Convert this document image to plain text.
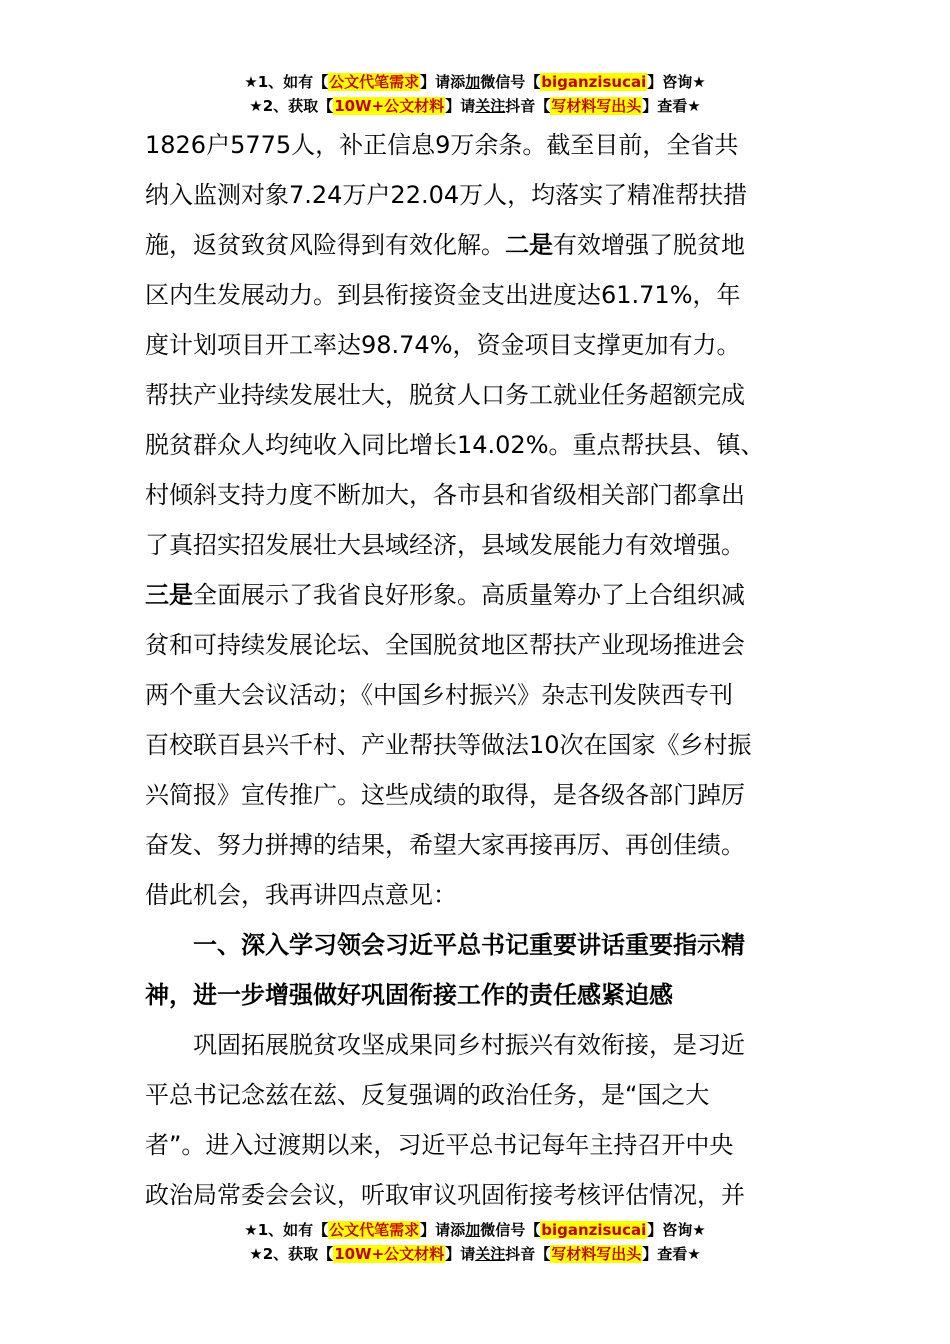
★1、如有【公文代笔需求】请添加微信号【biganzisucai】咨询★
★2、获取【10W+公文材料】请关注抖音【写材料写出头】查看★
1826户5775人，补正信息9万余条。截至目前，全省共
纳入监测对象7.24万户22.04万人，均落实了精准帮扶措
施，返贫致贫风险得到有效化解。二是有效增强了脱贫地
区内生发展动力。到县衔接资金支出进度达61.71%，年
度计划项目开工率达98.74%，资金项目支撑更加有力。
帮扶产业持续发展壮大，脱贫人口务工就业任务超额完成
脱贫群众人均纯收入同比增长14.02%。重点帮扶县、镇、
村倾斜支持力度不断加大，各市县和省级相关部门都拿出
了真招实招发展壮大县域经济，县域发展能力有效增强。
三是全面展示了我省良好形象。高质量筹办了上合组织减
贫和可持续发展论坛、全国脱贫地区帮扶产业现场推进会
两个重大会议活动；《中国乡村振兴》杂志刊发陕西专刊
百校联百县兴千村、产业帮扶等做法10次在国家《乡村振
兴简报》宣传推广。这些成绩的取得，是各级各部门踔厉
奋发、努力拼搏的结果，希望大家再接再厉、再创佳绩。
借此机会，我再讲四点意见：
一、深入学习领会习近平总书记重要讲话重要指示精
神，进一步增强做好巩固衔接工作的责任感紧迫感
巩固拓展脱贫攻坚成果同乡村振兴有效衔接，是习近
平总书记念兹在兹、反复强调的政治任务，是“国之大
者”。进入过渡期以来，习近平总书记每年主持召开中央
政治局常委会会议，听取审议巩固衔接考核评估情况，并
★1、如有【公文代笔需求】请添加微信号【biganzisucai】咨询★
★2、获取【10W+公文材料】请关注抖音【写材料写出头】查看★
